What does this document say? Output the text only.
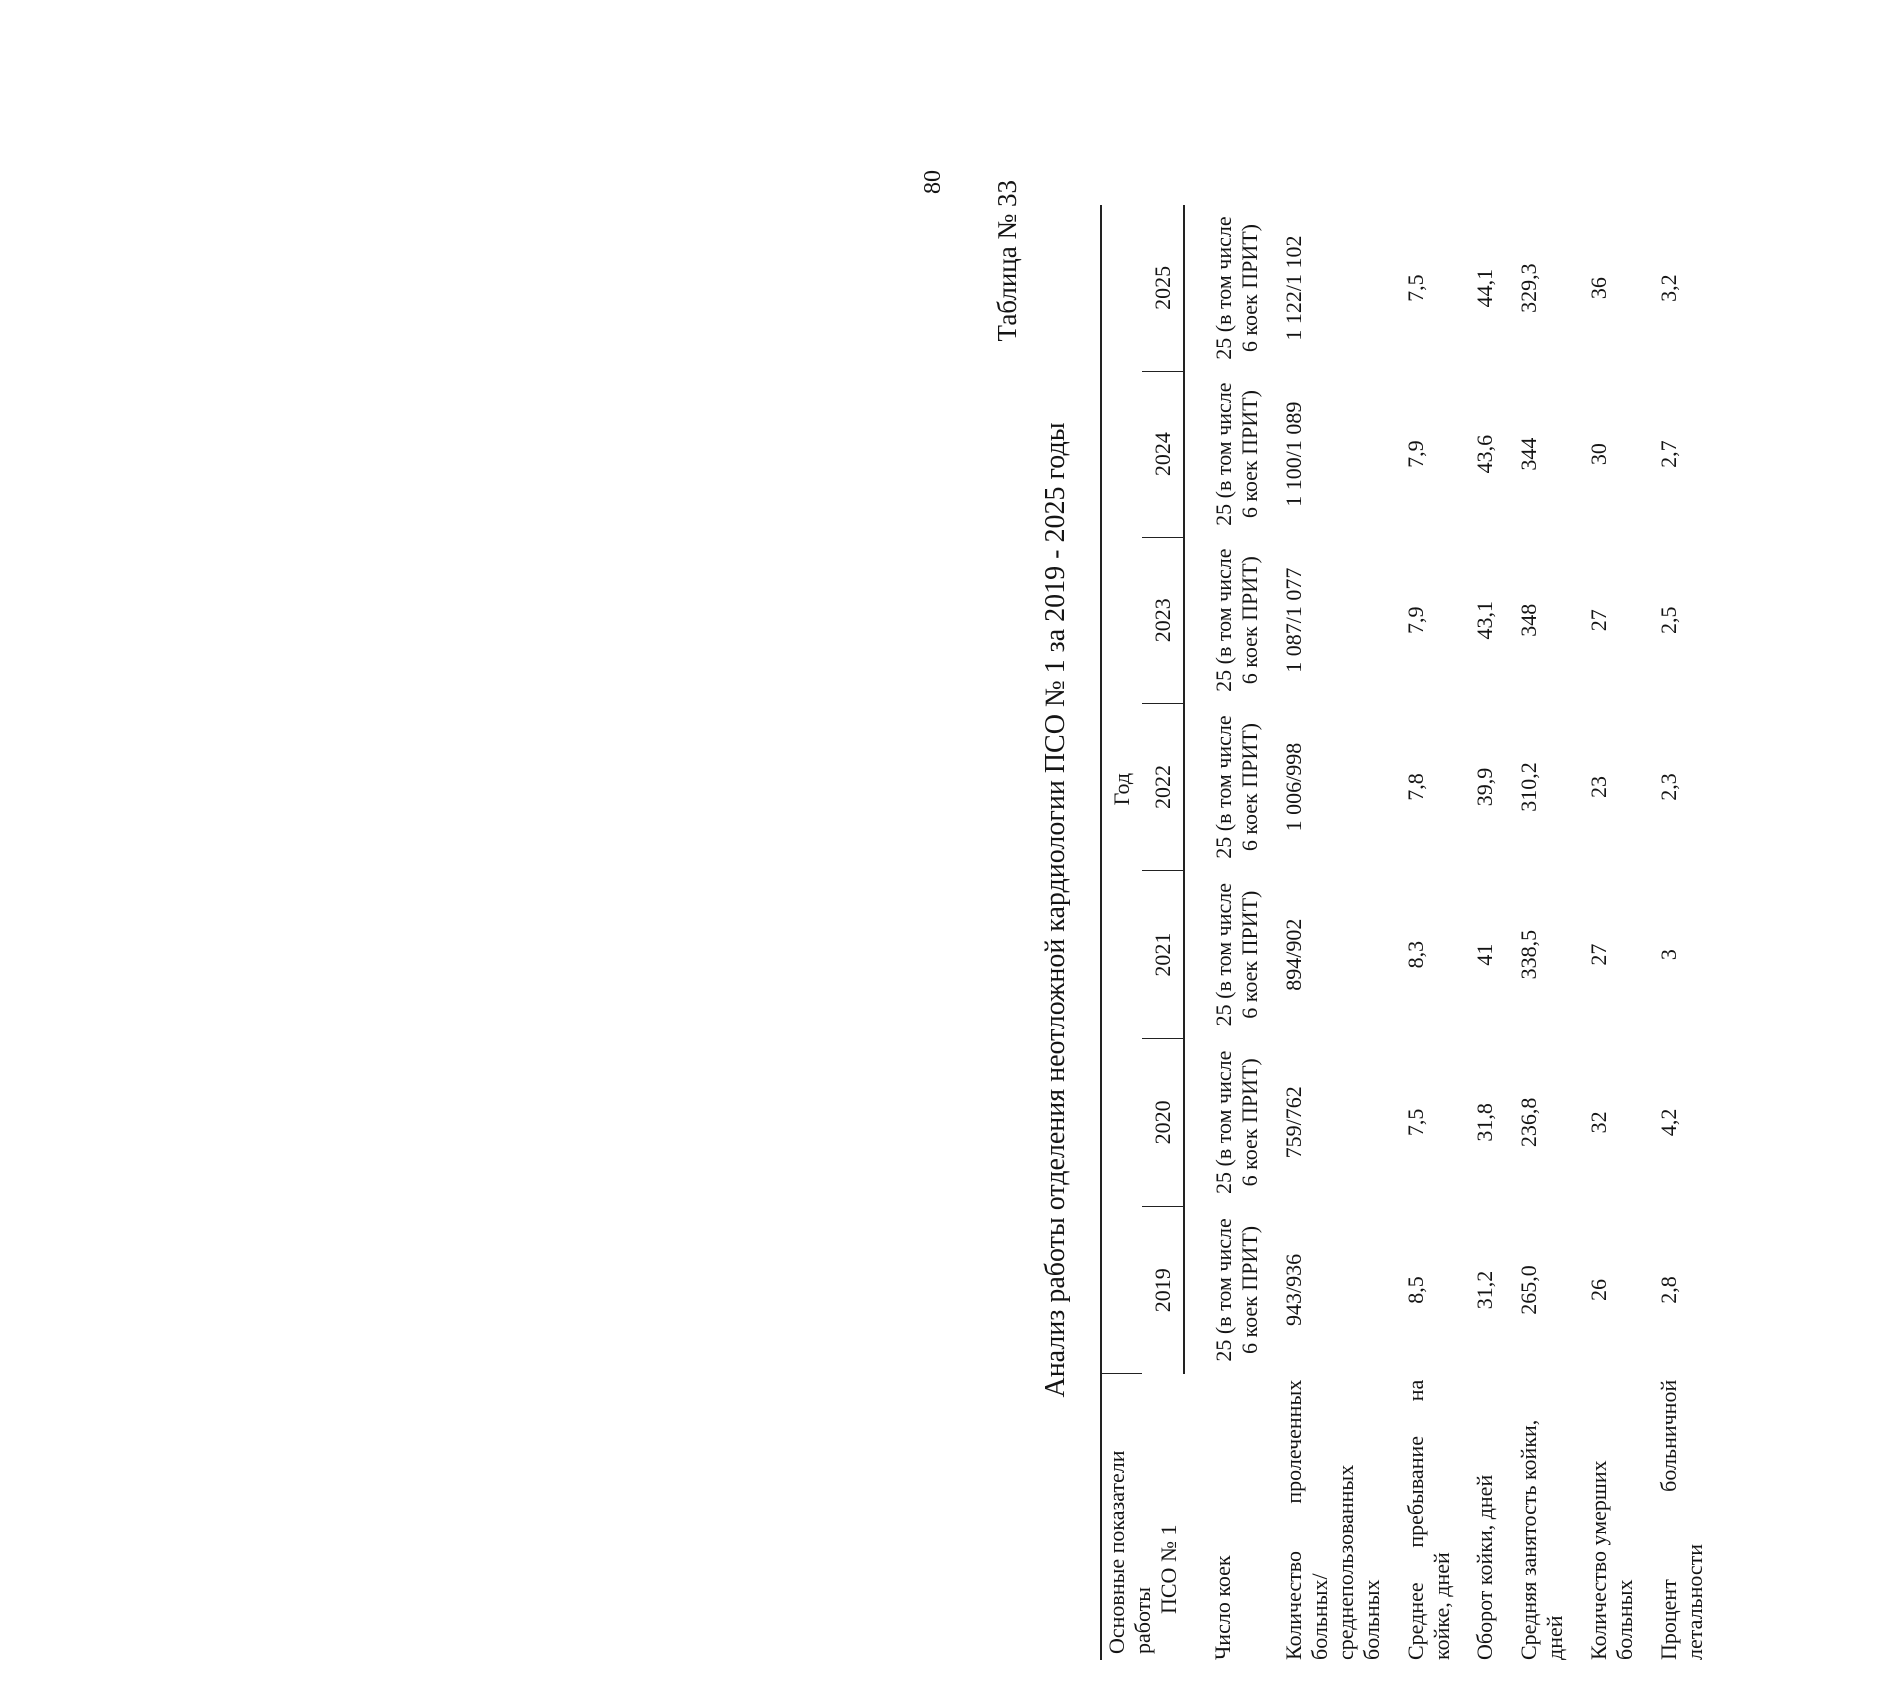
80 Таблица № 33
Анализ работы отделения неотложной кардиологии ПСО № 1 за 2019 - 2025 годы
Основные показатели работы
ПСО № 1	Год						
	2019	2020	2021	2022	2023	2024	2025
Число коек	25 (в том числе 6 коек ПРИТ)	25 (в том числе 6 коек ПРИТ)	25 (в том числе 6 коек ПРИТ)	25 (в том числе 6 коек ПРИТ)	25 (в том числе 6 коек ПРИТ)	25 (в том числе 6 коек ПРИТ)	25 (в том числе 6 коек ПРИТ)
Количество пролеченных больных/ среднепользованных больных	943/936	759/762	894/902	1 006/998	1 087/1 077	1 100/1 089	1 122/1 102
Среднее пребывание на койке, дней	8,5	7,5	8,3	7,8	7,9	7,9	7,5
Оборот койки, дней	31,2	31,8	41	39,9	43,1	43,6	44,1
Средняя занятость койки, дней	265,0	236,8	338,5	310,2	348	344	329,3
Количество умерших больных	26	32	27	23	27	30	36
Процент больничной летальности	2,8	4,2	3	2,3	2,5	2,7	3,2
